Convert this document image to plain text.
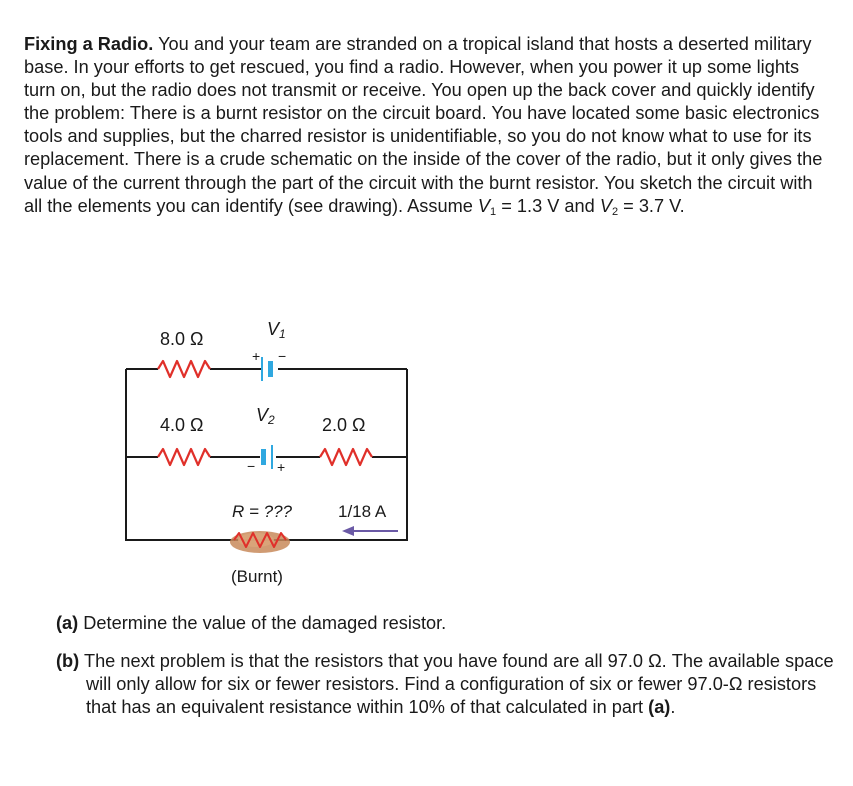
Fixing a Radio. You and your team are stranded on a tropical island that hosts a deserted military base. In your efforts to get rescued, you find a radio. However, when you power it up some lights turn on, but the radio does not transmit or receive. You open up the back cover and quickly identify the problem: There is a burnt resistor on the circuit board. You have located some basic electronics tools and supplies, but the charred resistor is unidentifiable, so you do not know what to use for its replacement. There is a crude schematic on the inside of the cover of the radio, but it only gives the value of the current through the part of the circuit with the burnt resistor. You sketch the circuit with all the elements you can identify (see drawing). Assume $V_1 = 1.3$ V and $V_2 = 3.7$ V.

8.0 Ω	V1
+ −
4.0 Ω	V2
− +
2.0 Ω
R = ???	1/18 A
(Burnt)

(a) Determine the value of the damaged resistor.

(b) The next problem is that the resistors that you have found are all 97.0 Ω. The available space will only allow for six or fewer resistors. Find a configuration of six or fewer 97.0-Ω resistors that has an equivalent resistance within 10% of that calculated in part (a).
